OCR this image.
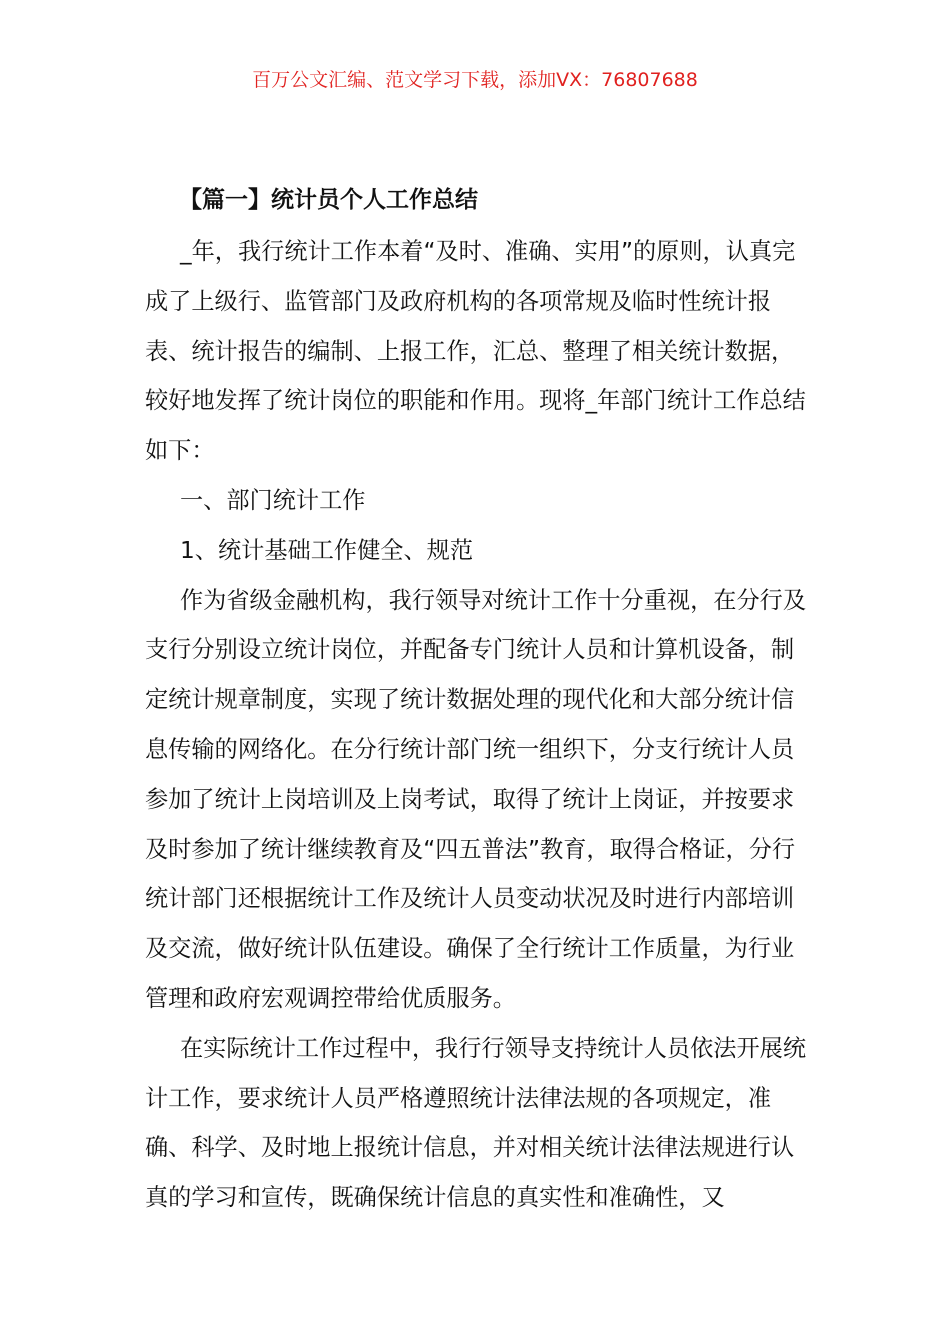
百万公文汇编、范文学习下载，添加VX：76807688
【篇一】统计员个人工作总结

_年，我行统计工作本着“及时、准确、实用”的原则，认真完成了上级行、监管部门及政府机构的各项常规及临时性统计报表、统计报告的编制、上报工作，汇总、整理了相关统计数据，较好地发挥了统计岗位的职能和作用。现将_年部门统计工作总结如下：

一、部门统计工作

1、统计基础工作健全、规范

作为省级金融机构，我行领导对统计工作十分重视，在分行及支行分别设立统计岗位，并配备专门统计人员和计算机设备，制定统计规章制度，实现了统计数据处理的现代化和大部分统计信息传输的网络化。在分行统计部门统一组织下，分支行统计人员参加了统计上岗培训及上岗考试，取得了统计上岗证，并按要求及时参加了统计继续教育及“四五普法”教育，取得合格证，分行统计部门还根据统计工作及统计人员变动状况及时进行内部培训及交流，做好统计队伍建设。确保了全行统计工作质量，为行业管理和政府宏观调控带给优质服务。

在实际统计工作过程中，我行行领导支持统计人员依法开展统计工作，要求统计人员严格遵照统计法律法规的各项规定，准确、科学、及时地上报统计信息，并对相关统计法律法规进行认真的学习和宣传，既确保统计信息的真实性和准确性，又
